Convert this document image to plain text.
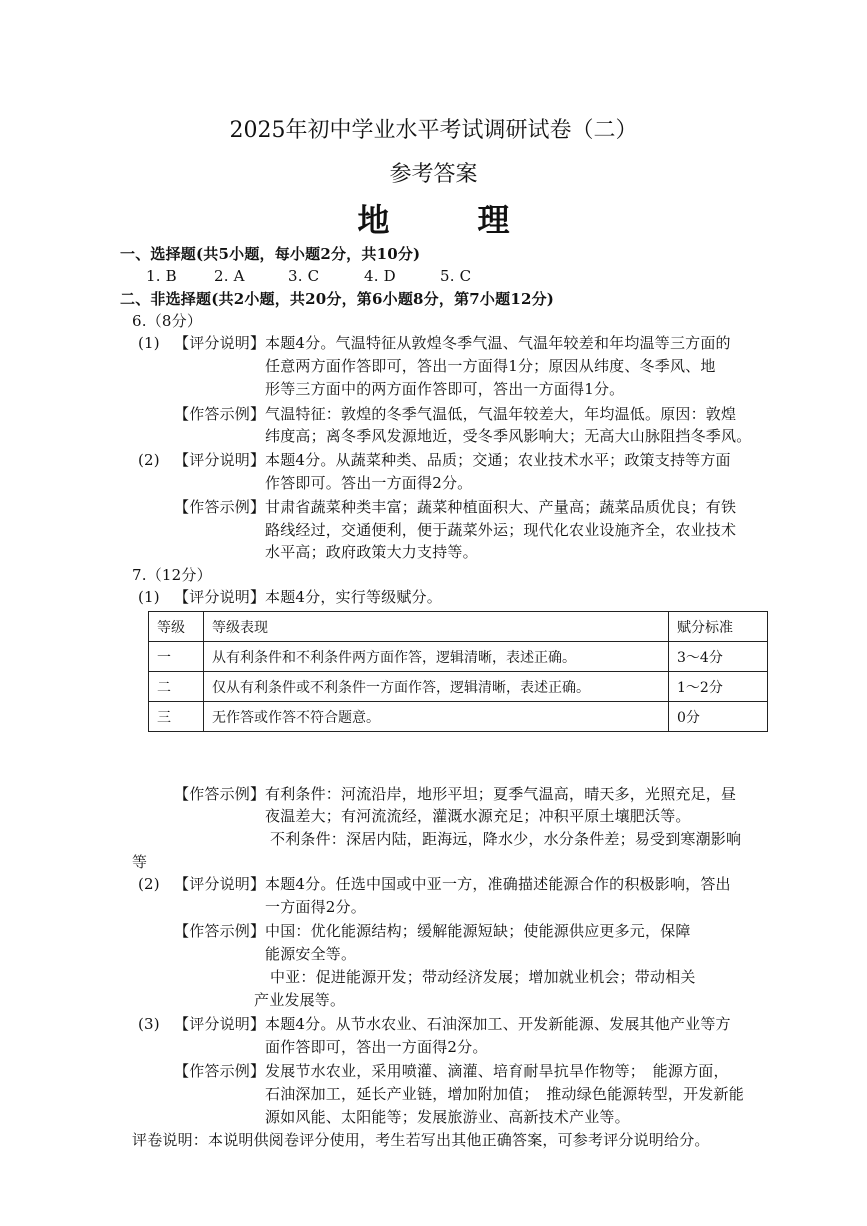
2025年初中学业水平考试调研试卷（二）
参考答案
地　理
一、选择题(共5小题，每小题2分，共10分)
1. B 2. A	3. C	4. D	5. C
二、非选择题(共2小题，共20分，第6小题8分，第7小题12分)
6.（8分）
(1) 【评分说明】 本题4分。气温特征从敦煌冬季气温、气温年较差和年均温等三方面的
任意两方面作答即可，答出一方面得1分；原因从纬度、冬季风、地
形等三方面中的两方面作答即可，答出一方面得1分。
【作答示例】 气温特征：敦煌的冬季气温低，气温年较差大，年均温低。原因：敦煌
纬度高；离冬季风发源地近，受冬季风影响大；无高大山脉阻挡冬季风。
(2) 【评分说明】 本题4分。从蔬菜种类、品质；交通；农业技术水平；政策支持等方面
作答即可。答出一方面得2分。
【作答示例】 甘肃省蔬菜种类丰富；蔬菜种植面积大、产量高；蔬菜品质优良；有铁
路线经过，交通便利，便于蔬菜外运；现代化农业设施齐全，农业技术
水平高；政府政策大力支持等。
7.（12分）
(1) 【评分说明】 本题4分，实行等级赋分。
等级	等级表现	赋分标准
一	从有利条件和不利条件两方面作答，逻辑清晰，表述正确。	3～4分
二	仅从有利条件或不利条件一方面作答，逻辑清晰，表述正确。	1～2分
三	无作答或作答不符合题意。	0分
【作答示例】 有利条件：河流沿岸，地形平坦；夏季气温高，晴天多，光照充足，昼
夜温差大；有河流流经，灌溉水源充足；冲积平原土壤肥沃等。
不利条件：深居内陆，距海远，降水少，水分条件差；易受到寒潮影响
等
(2) 【评分说明】 本题4分。任选中国或中亚一方，准确描述能源合作的积极影响，答出
一方面得2分。
【作答示例】 中国：优化能源结构；缓解能源短缺；使能源供应更多元，保障
能源安全等。
中亚：促进能源开发；带动经济发展；增加就业机会；带动相关
产业发展等。
(3) 【评分说明】 本题4分。从节水农业、石油深加工、开发新能源、发展其他产业等方
面作答即可，答出一方面得2分。
【作答示例】 发展节水农业，采用喷灌、滴灌、培育耐旱抗旱作物等；　能源方面，
石油深加工，延长产业链，增加附加值；　推动绿色能源转型，开发新能
源如风能、太阳能等；发展旅游业、高新技术产业等。
评卷说明：本说明供阅卷评分使用，考生若写出其他正确答案，可参考评分说明给分。
